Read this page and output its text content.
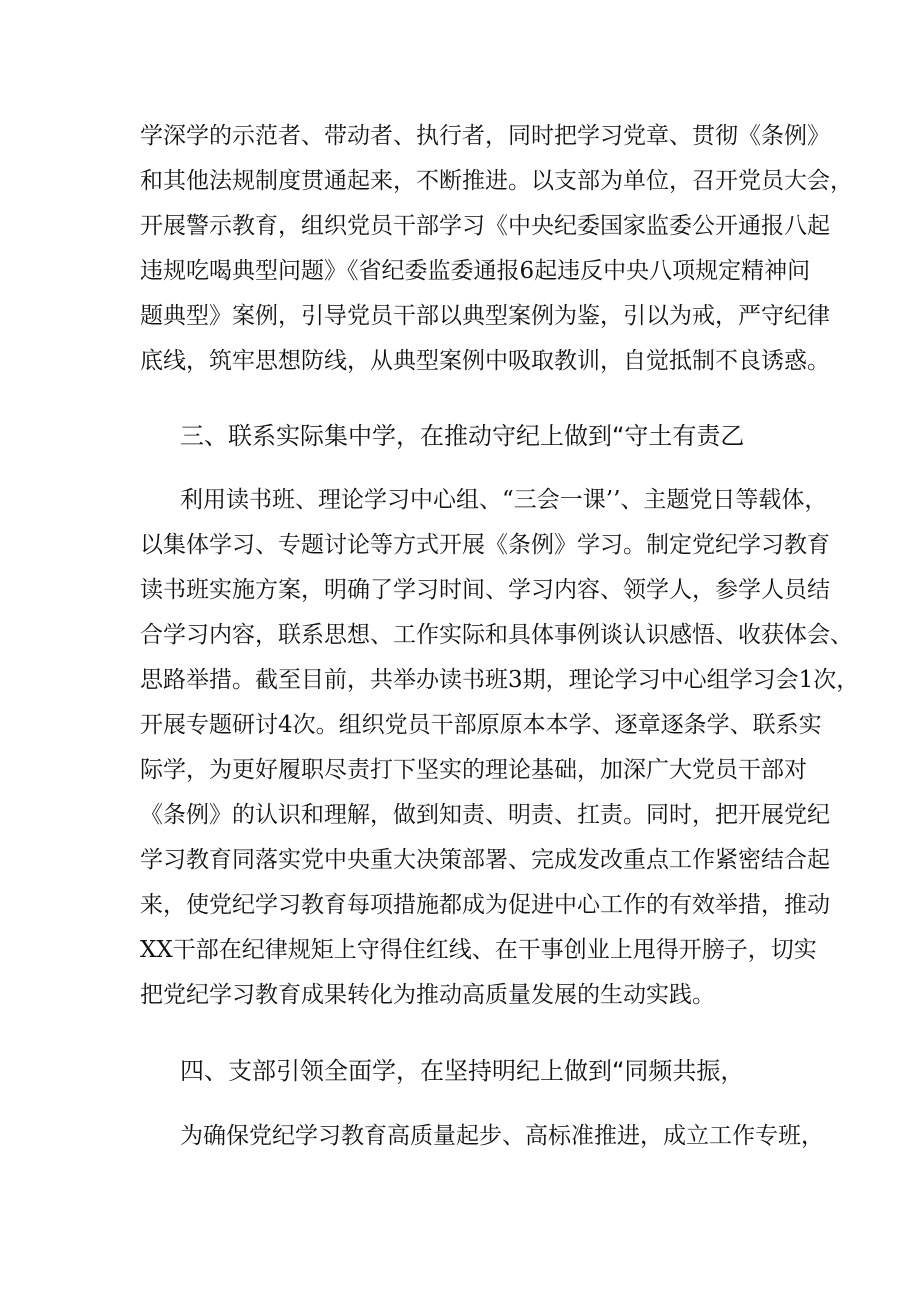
学深学的示范者、带动者、执行者，同时把学习党章、贯彻《条例》
和其他法规制度贯通起来，不断推进。以支部为单位，召开党员大会，
开展警示教育，组织党员干部学习《中央纪委国家监委公开通报八起
违规吃喝典型问题》《省纪委监委通报6起违反中央八项规定精神问
题典型》案例，引导党员干部以典型案例为鉴，引以为戒，严守纪律
底线，筑牢思想防线，从典型案例中吸取教训，自觉抵制不良诱惑。
三、联系实际集中学，在推动守纪上做到“守土有责乙
利用读书班、理论学习中心组、“三会一课’’、主题党日等载体，
以集体学习、专题讨论等方式开展《条例》学习。制定党纪学习教育
读书班实施方案，明确了学习时间、学习内容、领学人，参学人员结
合学习内容，联系思想、工作实际和具体事例谈认识感悟、收获体会、
思路举措。截至目前，共举办读书班3期，理论学习中心组学习会1次，
开展专题研讨4次。组织党员干部原原本本学、逐章逐条学、联系实
际学，为更好履职尽责打下坚实的理论基础，加深广大党员干部对
《条例》的认识和理解，做到知责、明责、扛责。同时，把开展党纪
学习教育同落实党中央重大决策部署、完成发改重点工作紧密结合起
来，使党纪学习教育每项措施都成为促进中心工作的有效举措，推动
XX干部在纪律规矩上守得住红线、在干事创业上甩得开膀子，切实
把党纪学习教育成果转化为推动高质量发展的生动实践。
四、支部引领全面学，在坚持明纪上做到“同频共振，
为确保党纪学习教育高质量起步、高标准推进，成立工作专班，
